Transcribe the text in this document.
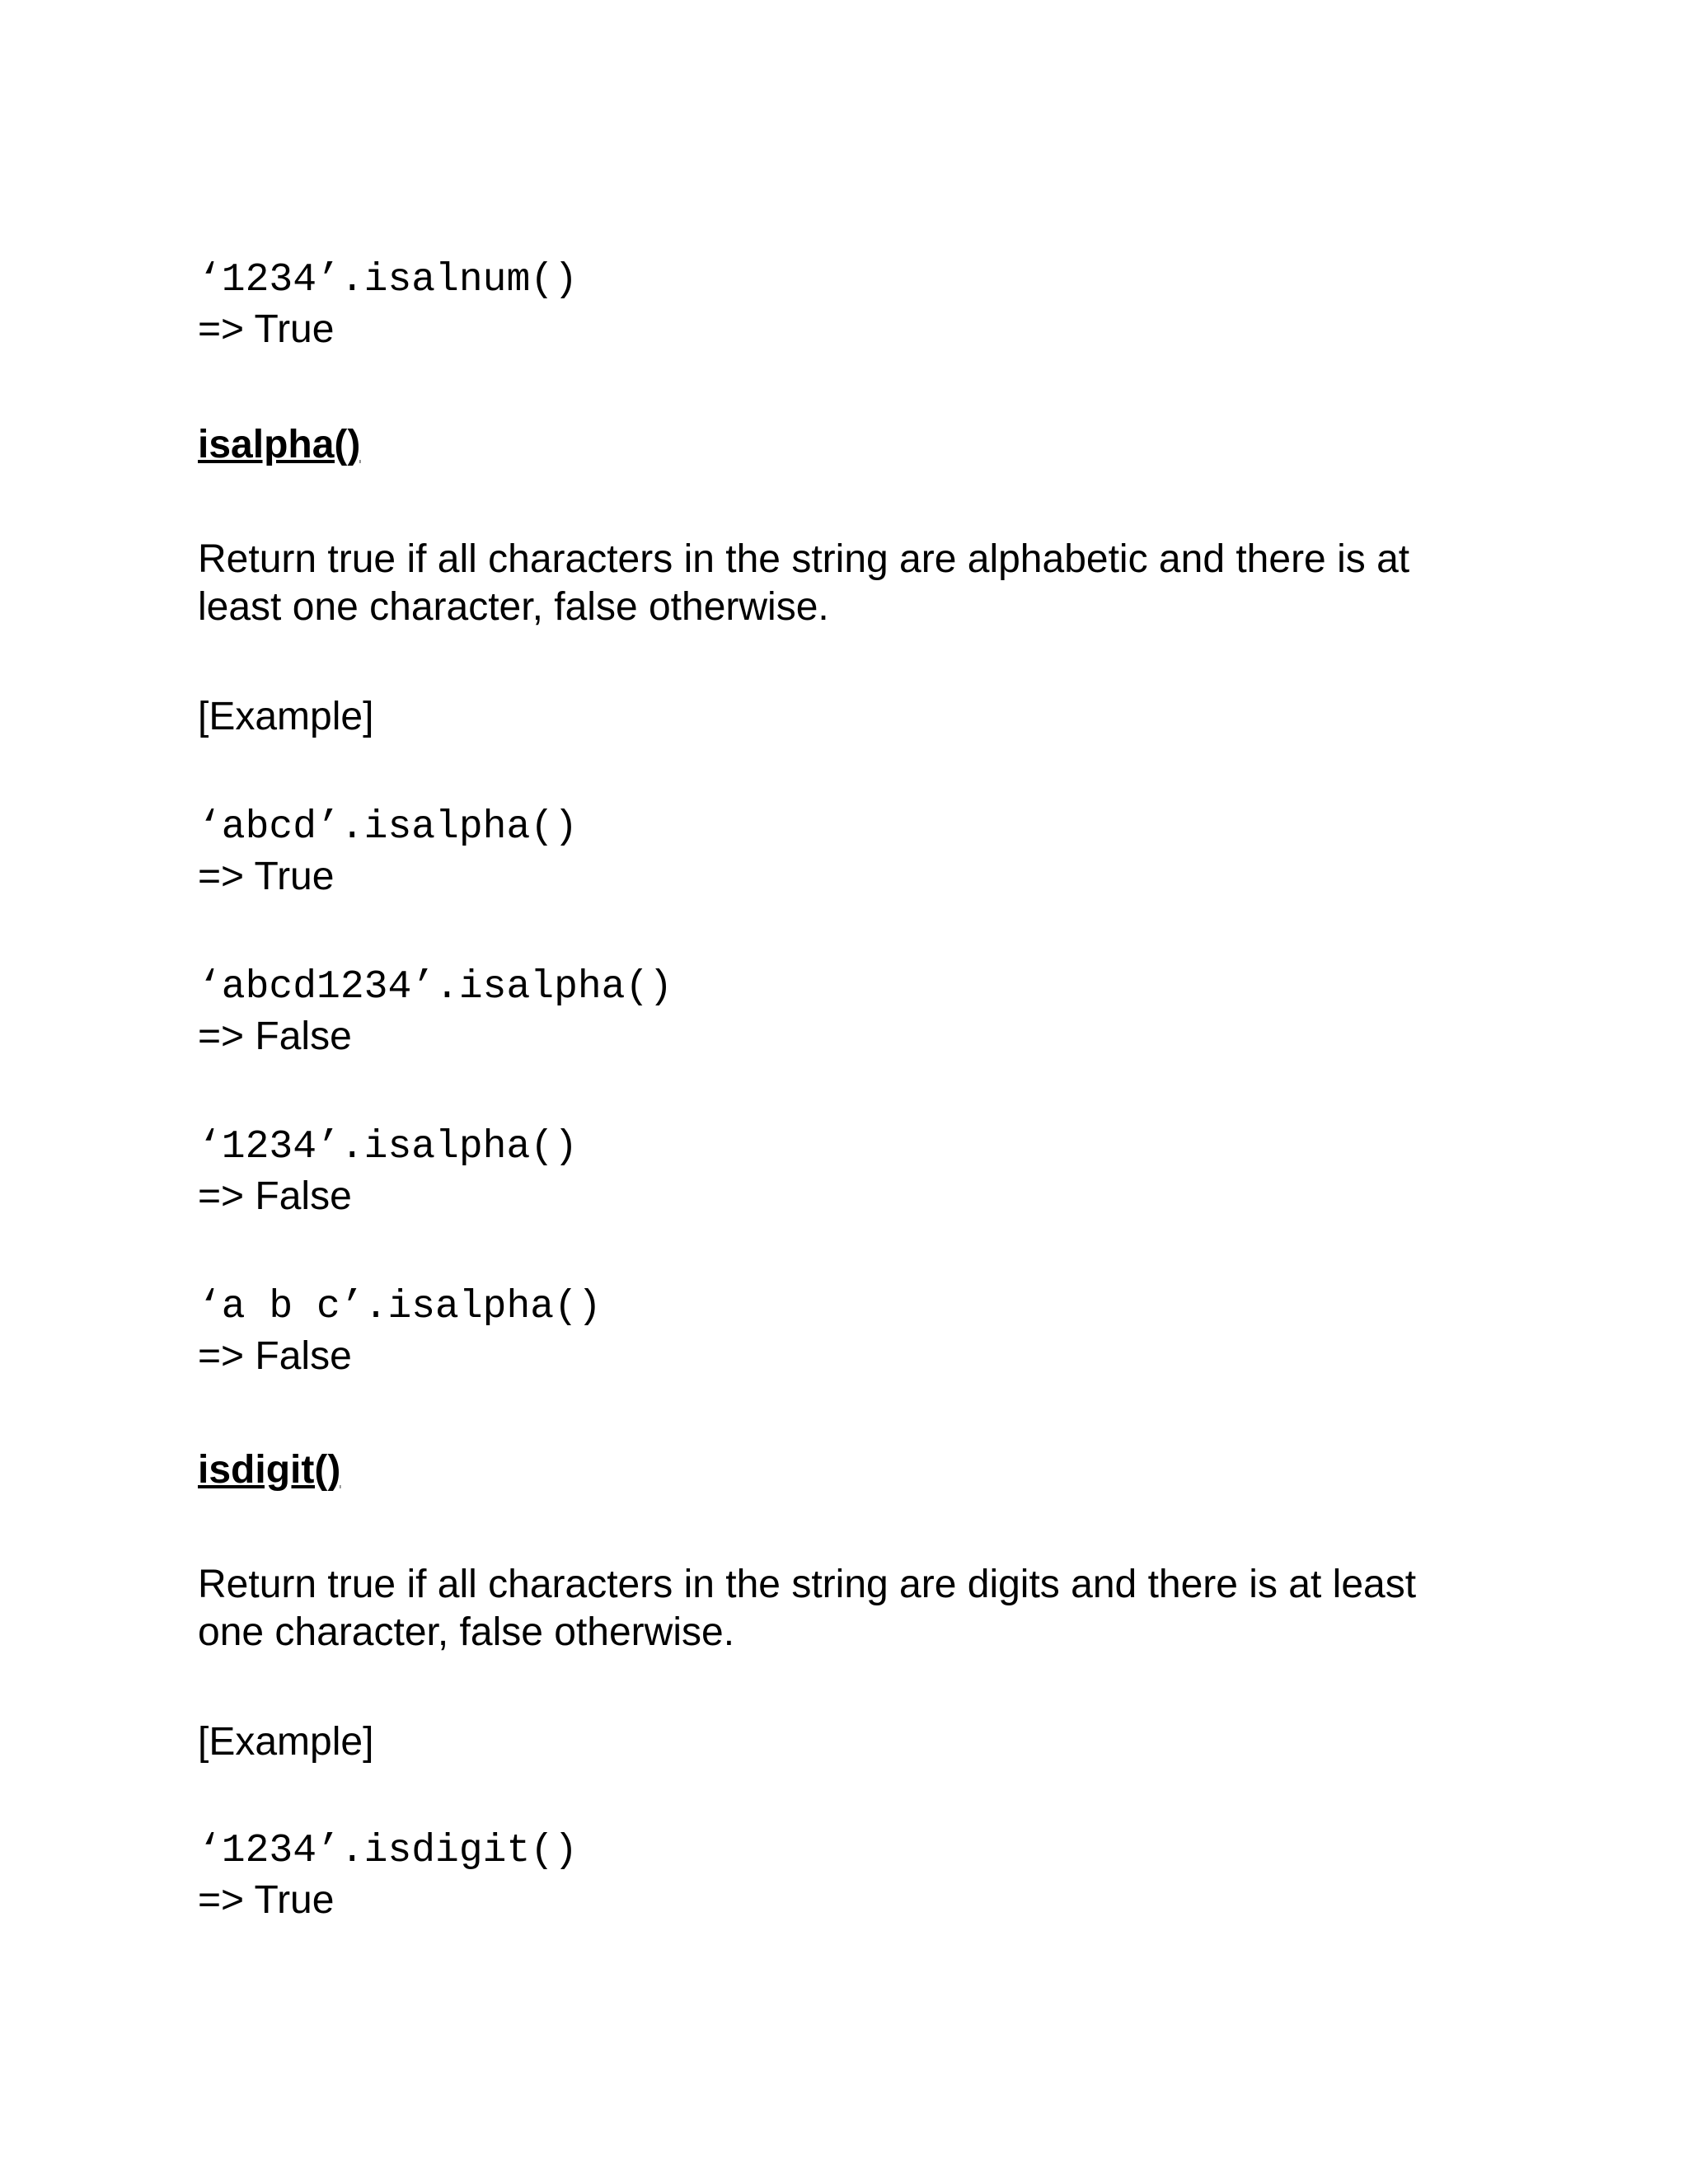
‘1234’.isalnum()

=> True

isalpha()

Return true if all characters in the string are alphabetic and there is at
least one character, false otherwise.

[Example]

‘abcd’.isalpha()

=> True

‘abcd1234’.isalpha()

=> False

‘1234’.isalpha()

=> False

‘a b c’.isalpha()

=> False

isdigit()

Return true if all characters in the string are digits and there is at least
one character, false otherwise.

[Example]

‘1234’.isdigit()

=> True
